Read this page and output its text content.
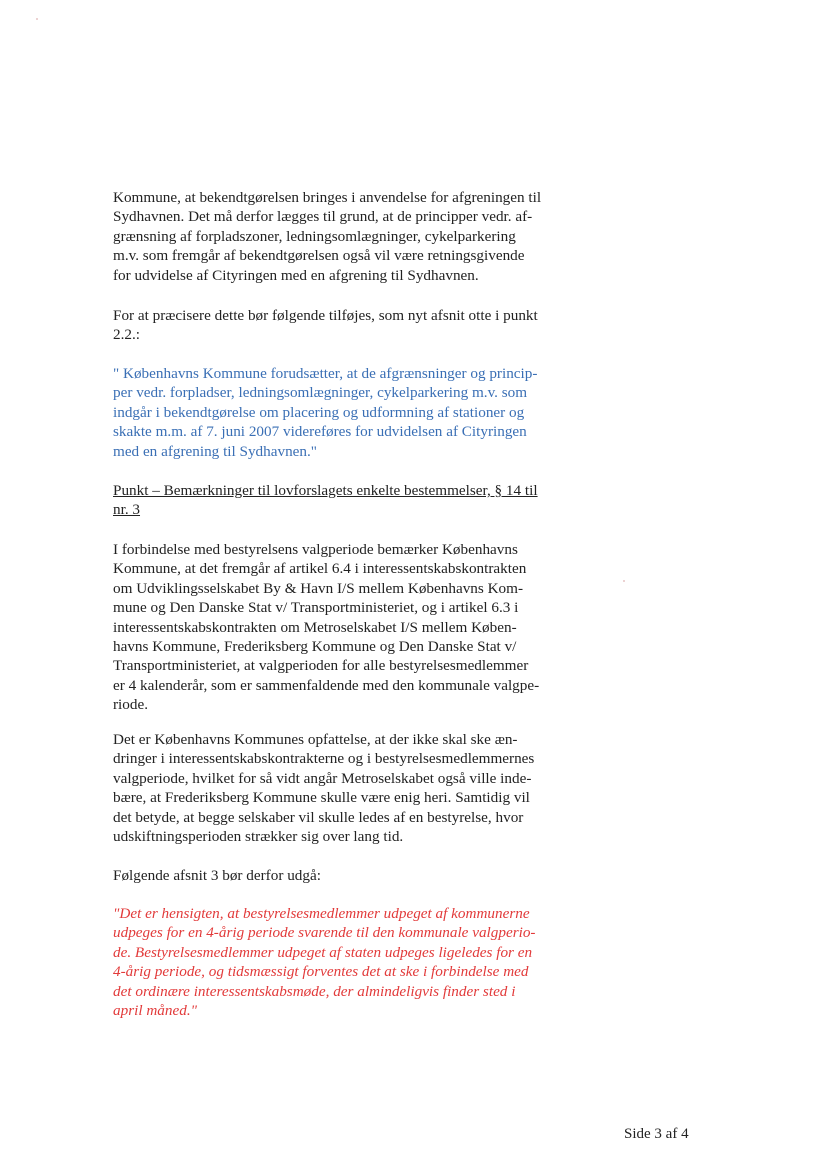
Kommune, at bekendtgørelsen bringes i anvendelse for afgreningen til
Sydhavnen. Det må derfor lægges til grund, at de principper vedr. af-
grænsning af forpladszoner, ledningsomlægninger, cykelparkering
m.v. som fremgår af bekendtgørelsen også vil være retningsgivende
for udvidelse af Cityringen med en afgrening til Sydhavnen.

For at præcisere dette bør følgende tilføjes, som nyt afsnit otte i punkt
2.2.:

" Københavns Kommune forudsætter, at de afgrænsninger og princip-
per vedr. forpladser, ledningsomlægninger, cykelparkering m.v. som
indgår i bekendtgørelse om placering og udformning af stationer og
skakte m.m. af 7. juni 2007 videreføres for udvidelsen af Cityringen
med en afgrening til Sydhavnen."

Punkt – Bemærkninger til lovforslagets enkelte bestemmelser, § 14 til
nr. 3

I forbindelse med bestyrelsens valgperiode bemærker Københavns
Kommune, at det fremgår af artikel 6.4 i interessentskabskontrakten
om Udviklingsselskabet By & Havn I/S mellem Københavns Kom-
mune og Den Danske Stat v/ Transportministeriet, og i artikel 6.3 i
interessentskabskontrakten om Metroselskabet I/S mellem Køben-
havns Kommune, Frederiksberg Kommune og Den Danske Stat v/
Transportministeriet, at valgperioden for alle bestyrelsesmedlemmer
er 4 kalenderår, som er sammenfaldende med den kommunale valgpe-
riode.

Det er Københavns Kommunes opfattelse, at der ikke skal ske æn-
dringer i interessentskabskontrakterne og i bestyrelsesmedlemmernes
valgperiode, hvilket for så vidt angår Metroselskabet også ville inde-
bære, at Frederiksberg Kommune skulle være enig heri. Samtidig vil
det betyde, at begge selskaber vil skulle ledes af en bestyrelse, hvor
udskiftningsperioden strækker sig over lang tid.

Følgende afsnit 3 bør derfor udgå:

"Det er hensigten, at bestyrelsesmedlemmer udpeget af kommunerne
udpeges for en 4-årig periode svarende til den kommunale valgperio-
de. Bestyrelsesmedlemmer udpeget af staten udpeges ligeledes for en
4-årig periode, og tidsmæssigt forventes det at ske i forbindelse med
det ordinære interessentskabsmøde, der almindeligvis finder sted i
april måned."

Side 3 af 4
